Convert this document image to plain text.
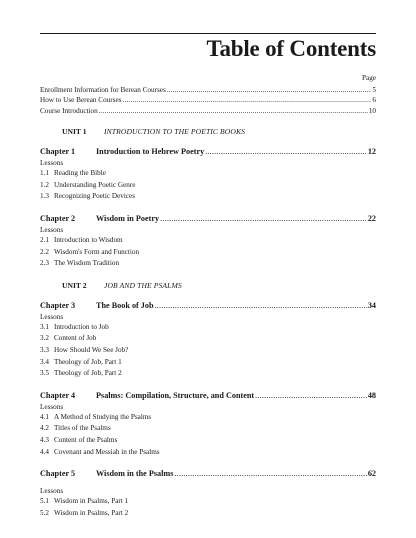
Table of Contents
Page
Enrollment Information for Berean Courses .....	5
How to Use Berean Courses .....	6
Course Introduction .....	10
UNIT 1	INTRODUCTION TO THE POETIC BOOKS
Chapter 1	Introduction to Hebrew Poetry .....	12
Lessons
1.1 Reading the Bible
1.2 Understanding Poetic Genre
1.3 Recognizing Poetic Devices
Chapter 2	Wisdom in Poetry .....	22
Lessons
2.1 Introduction to Wisdom
2.2 Wisdom's Form and Function
2.3 The Wisdom Tradition
UNIT 2	JOB AND THE PSALMS
Chapter 3	The Book of Job .....	34
Lessons
3.1 Introduction to Job
3.2 Content of Job
3.3 How Should We See Job?
3.4 Theology of Job, Part 1
3.5 Theology of Job, Part 2
Chapter 4	Psalms: Compilation, Structure, and Content .....	48
Lessons
4.1 A Method of Studying the Psalms
4.2 Titles of the Psalms
4.3 Content of the Psalms
4.4 Covenant and Messiah in the Psalms
Chapter 5	Wisdom in the Psalms .....	62
Lessons
5.1 Wisdom in Psalms, Part 1
5.2 Wisdom in Psalms, Part 2
